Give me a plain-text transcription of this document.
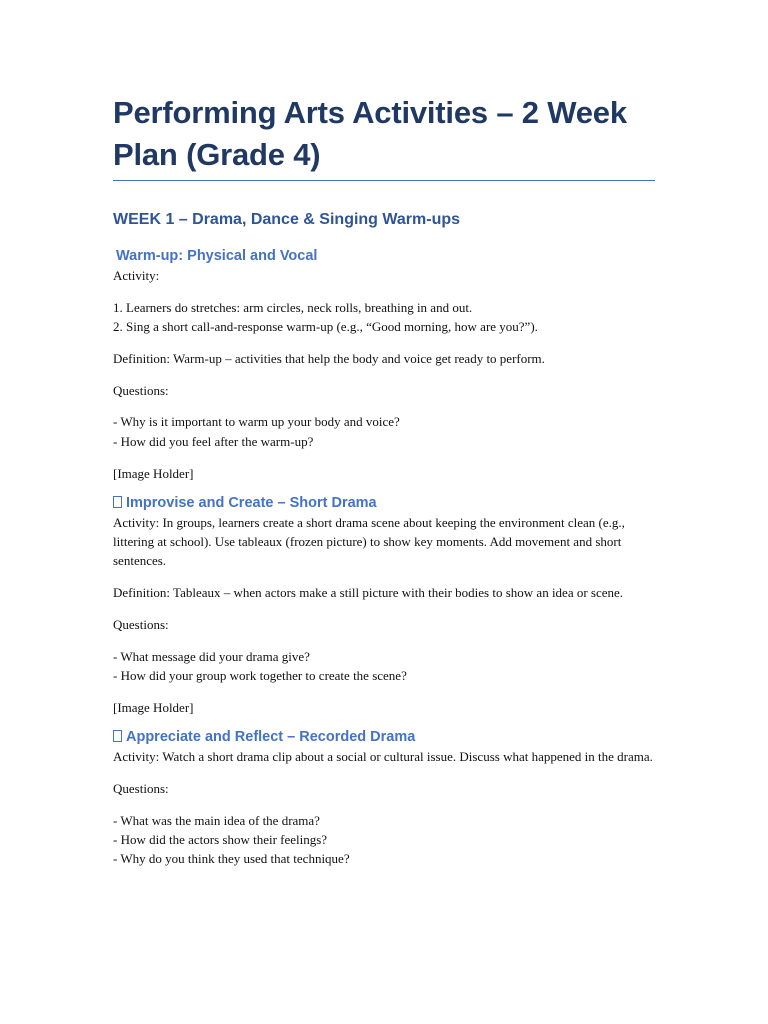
Performing Arts Activities – 2 Week Plan (Grade 4)
WEEK 1 – Drama, Dance & Singing Warm-ups
Warm-up: Physical and Vocal

Activity:

1. Learners do stretches: arm circles, neck rolls, breathing in and out.
2. Sing a short call-and-response warm-up (e.g., “Good morning, how are you?”).

Definition: Warm-up – activities that help the body and voice get ready to perform.

Questions:

- Why is it important to warm up your body and voice?
- How did you feel after the warm-up?

[Image Holder]

Improvise and Create – Short Drama

Activity: In groups, learners create a short drama scene about keeping the environment clean (e.g., littering at school). Use tableaux (frozen picture) to show key moments. Add movement and short sentences.

Definition: Tableaux – when actors make a still picture with their bodies to show an idea or scene.

Questions:

- What message did your drama give?
- How did your group work together to create the scene?

[Image Holder]

Appreciate and Reflect – Recorded Drama

Activity: Watch a short drama clip about a social or cultural issue. Discuss what happened in the drama.

Questions:

- What was the main idea of the drama?
- How did the actors show their feelings?
- Why do you think they used that technique?
